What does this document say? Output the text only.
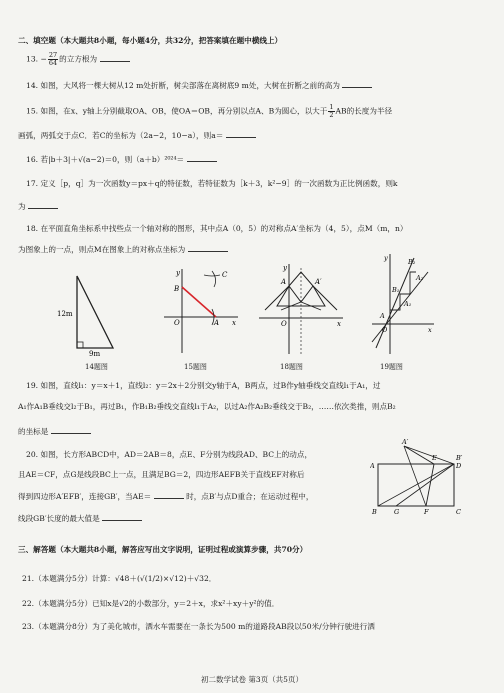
二、填空题（本大题共8小题，每小题4分，共32分，把答案填在题中横线上）
13. − $\frac{27}{64}$ 的立方根为
14. 如图，大风将一棵大树从12 m处折断，树尖部落在离树底9 m处，大树在折断之前的高为
15. 如图，在x、y轴上分别截取OA、OB，使OA＝OB，再分别以点A、B为圆心，以大于 $\frac{1}{2}$ AB的长度为半径
画弧，两弧交于点C．若C的坐标为（2a−2，10−a），则a＝
16. 若|b＋3|＋√(a−2)＝0，则（a＋b）²⁰²⁴＝
17. 定义［p，q］为一次函数y＝px＋q的特征数，若特征数为［k＋3，k²−9］的一次函数为正比例函数，则k
为
18. 在平面直角坐标系中找些点一个轴对称的图形，其中点A（0，5）的对称点A′坐标为（4，5），点M（m，n）
为图象上的一点，则点M在图象上的对称点坐标为
12m
9m
14题图
y
B
C
O	A x
15题图
y
A	A′
O	x
18题图
y	B₂
B₁
A₂
A₁
O
A
x
19题图
19. 如图，直线l₁：y＝x＋1，直线l₂：y＝2x＋2分别交y轴于A，B两点，过B作y轴垂线交直线l₁于A₁，过
A₁作A₁B垂线交l₂于B₁，再过B₁，作B₁B₂垂线交直线l₁于A₂，以过A₂作A₂B₂垂线交于B₂，……依次类推，则点B₂
的坐标是
20. 如图，长方形ABCD中，AD＝2AB＝8，点E、F分别为线段AD、BC上的动点，
且AE＝CF，点G是线段BC上一点，且满足BG＝2，四边形AEFB关于直线EF对称后
得到四边形A′EFB′，连接GB′，当AE＝	时，点B′与点D重合；在运动过程中，
线段GB′长度的最大值是
A′
A
E
D
B′
B	G	F	C
三、解答题（本大题共8小题，解答应写出文字说明，证明过程或演算步骤，共70分）
21.（本题满分5分）计算：√48＋(√(1/2)×√12)＋√32．
22.（本题满分5分）已知x是√2的小数部分，y＝2＋x，求x²＋xy＋y²的值．
23.（本题满分8分）为了美化城市，洒水车需要在一条长为500 m的道路段AB段以50米/分钟行驶进行洒
初二数学试卷 第3页（共5页）
